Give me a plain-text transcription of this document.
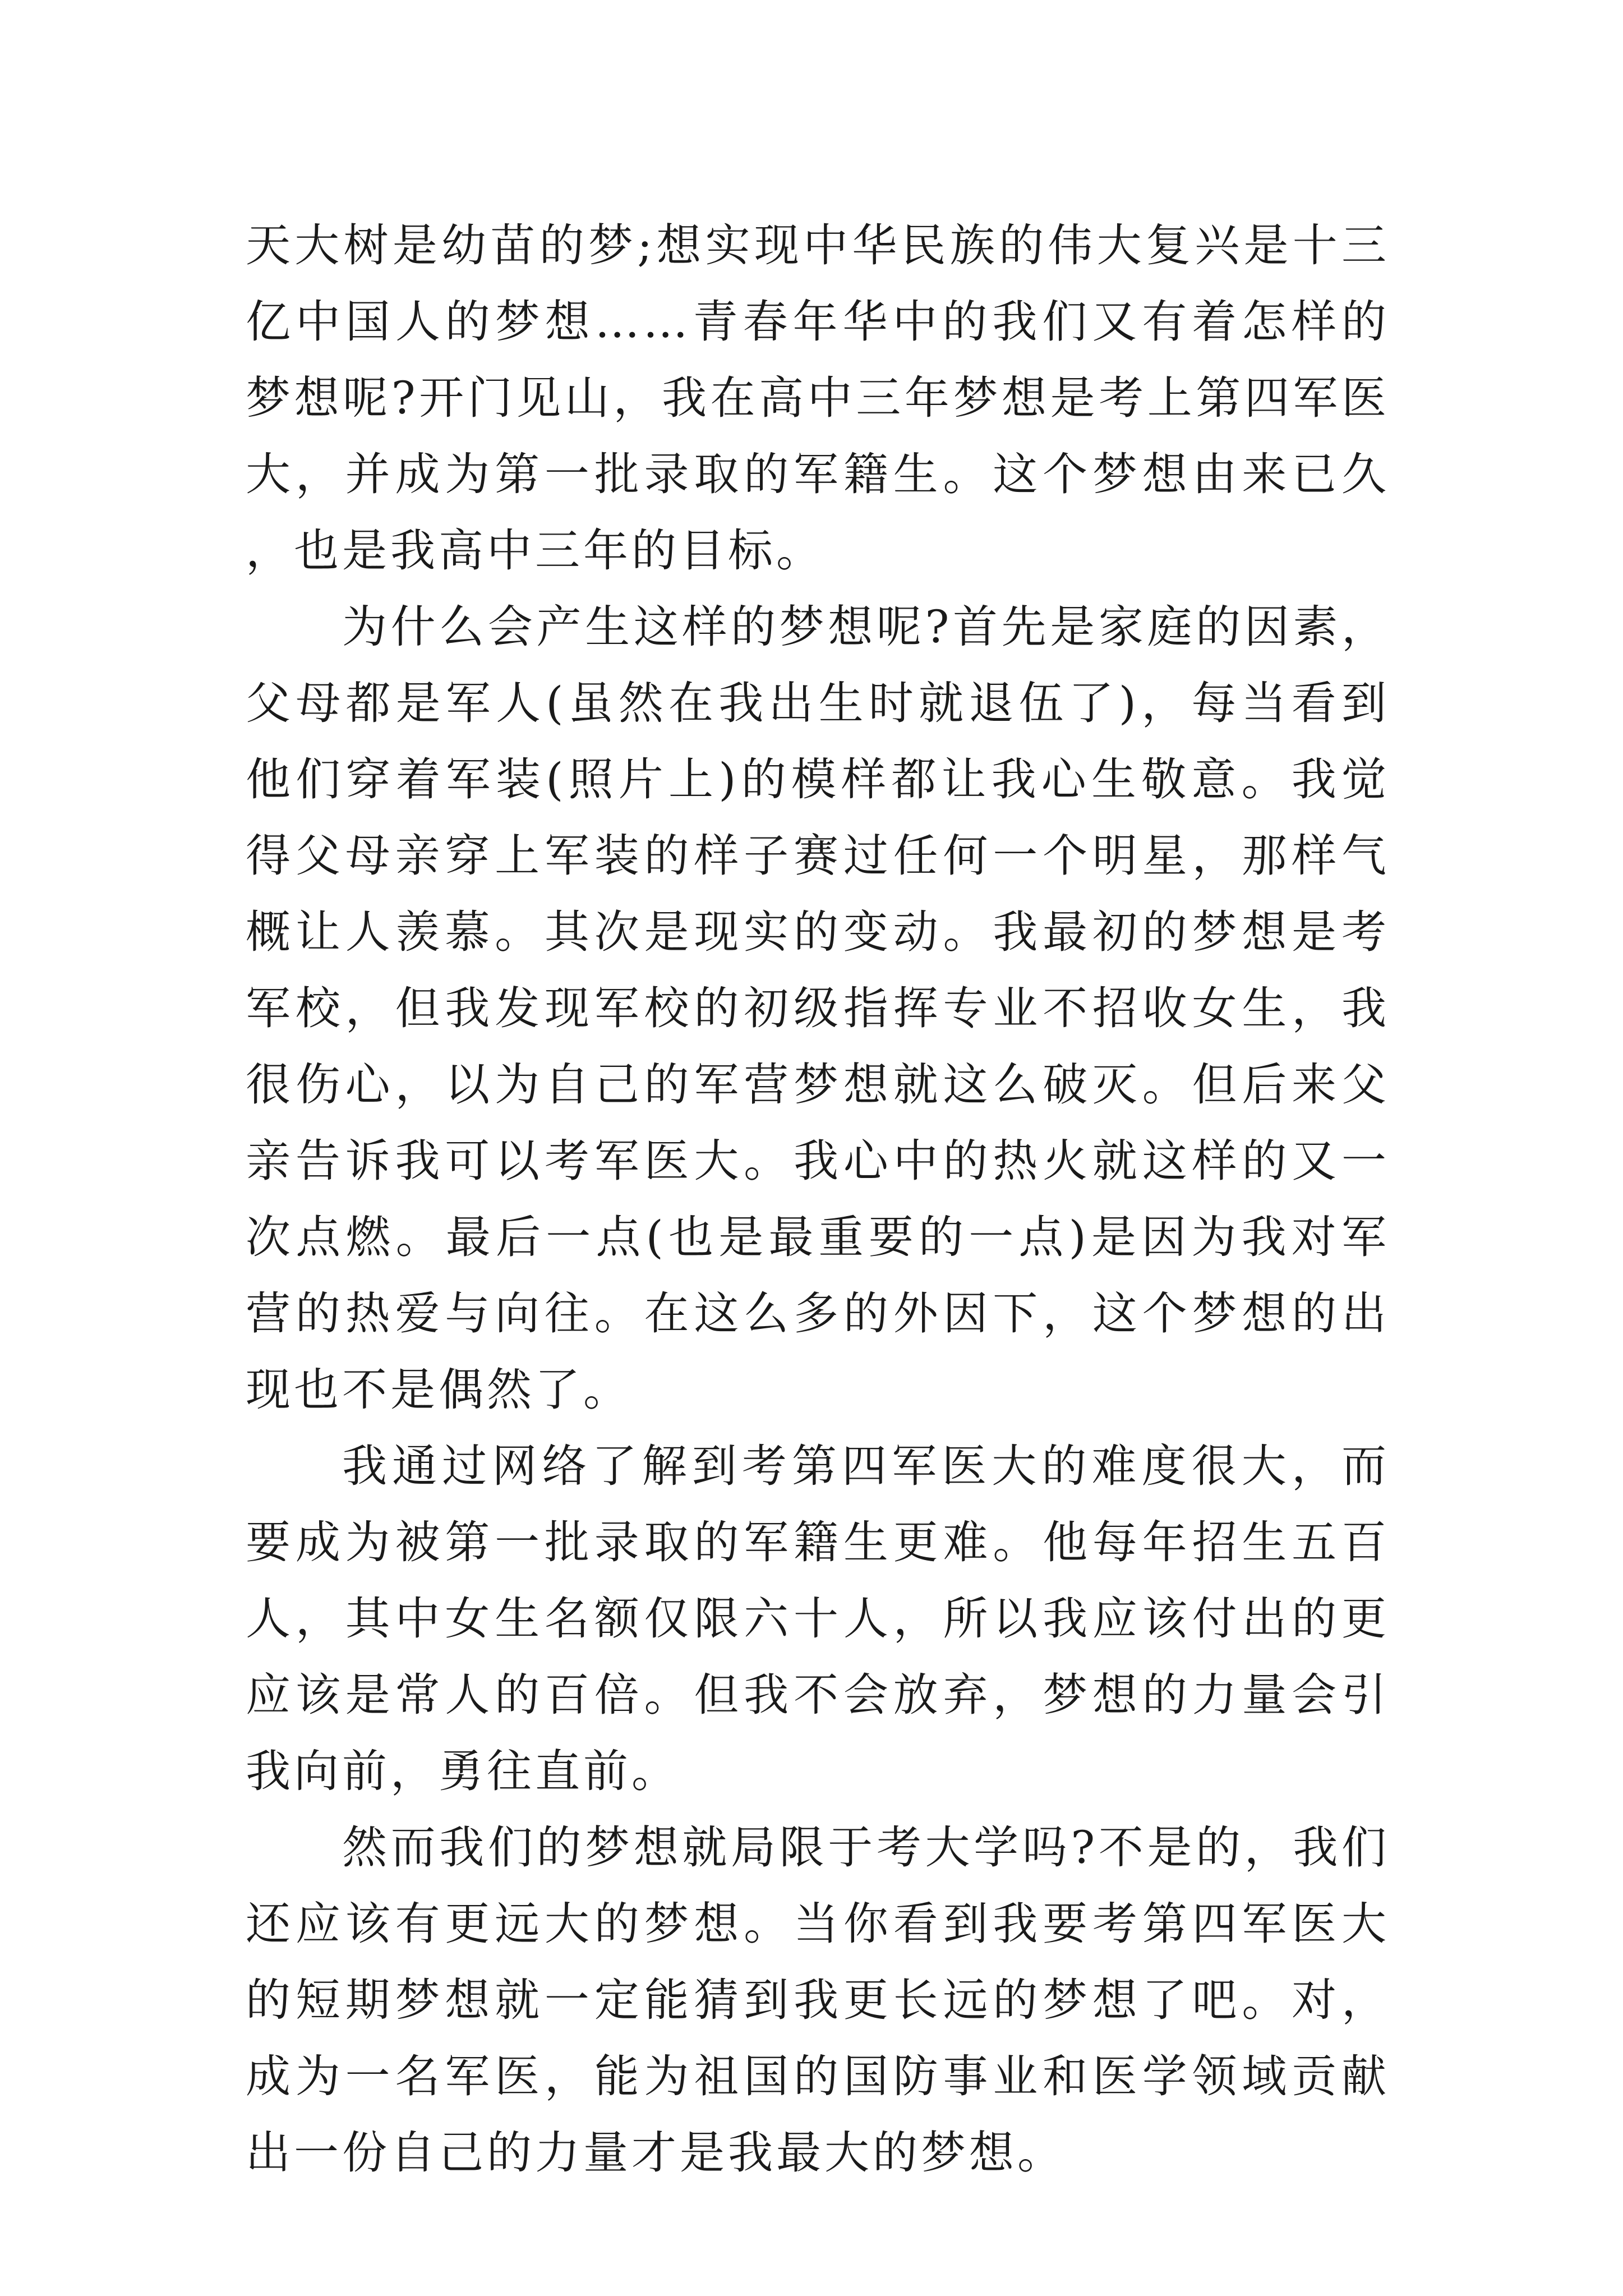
天大树是幼苗的梦;想实现中华民族的伟大复兴是十三亿中国人的梦想……青春年华中的我们又有着怎样的梦想呢?开门见山，我在高中三年梦想是考上第四军医大，并成为第一批录取的军籍生。这个梦想由来已久，也是我高中三年的目标。

为什么会产生这样的梦想呢?首先是家庭的因素，父母都是军人(虽然在我出生时就退伍了)，每当看到他们穿着军装(照片上)的模样都让我心生敬意。我觉得父母亲穿上军装的样子赛过任何一个明星，那样气概让人羡慕。其次是现实的变动。我最初的梦想是考军校，但我发现军校的初级指挥专业不招收女生，我很伤心，以为自己的军营梦想就这么破灭。但后来父亲告诉我可以考军医大。我心中的热火就这样的又一次点燃。最后一点(也是最重要的一点)是因为我对军营的热爱与向往。在这么多的外因下，这个梦想的出现也不是偶然了。

我通过网络了解到考第四军医大的难度很大，而要成为被第一批录取的军籍生更难。他每年招生五百人，其中女生名额仅限六十人，所以我应该付出的更应该是常人的百倍。但我不会放弃，梦想的力量会引我向前，勇往直前。

然而我们的梦想就局限于考大学吗?不是的，我们还应该有更远大的梦想。当你看到我要考第四军医大的短期梦想就一定能猜到我更长远的梦想了吧。对，成为一名军医，能为祖国的国防事业和医学领域贡献出一份自己的力量才是我最大的梦想。
